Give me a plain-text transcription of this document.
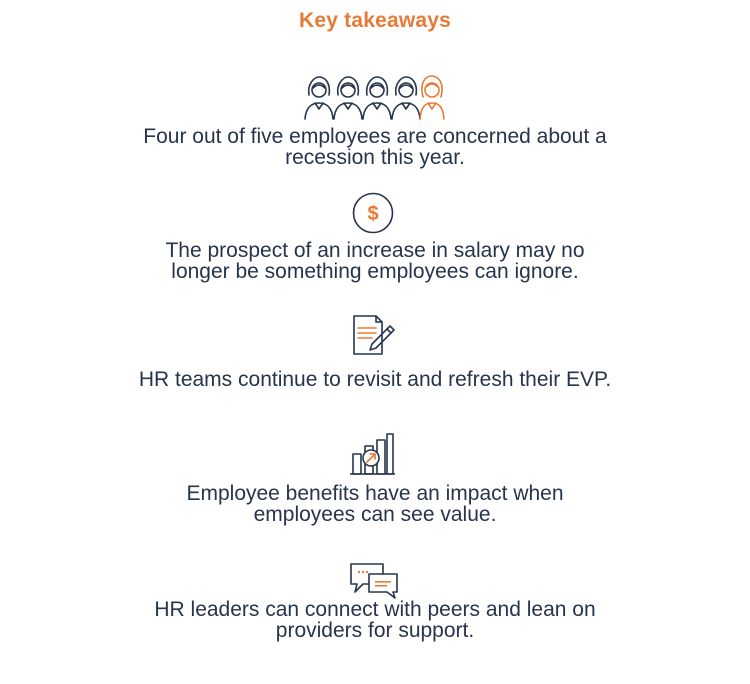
Key takeaways
Four out of five employees are concerned about a
recession this year.
$
The prospect of an increase in salary may no
longer be something employees can ignore.
HR teams continue to revisit and refresh their EVP.
Employee benefits have an impact when
employees can see value.
HR leaders can connect with peers and lean on
providers for support.
